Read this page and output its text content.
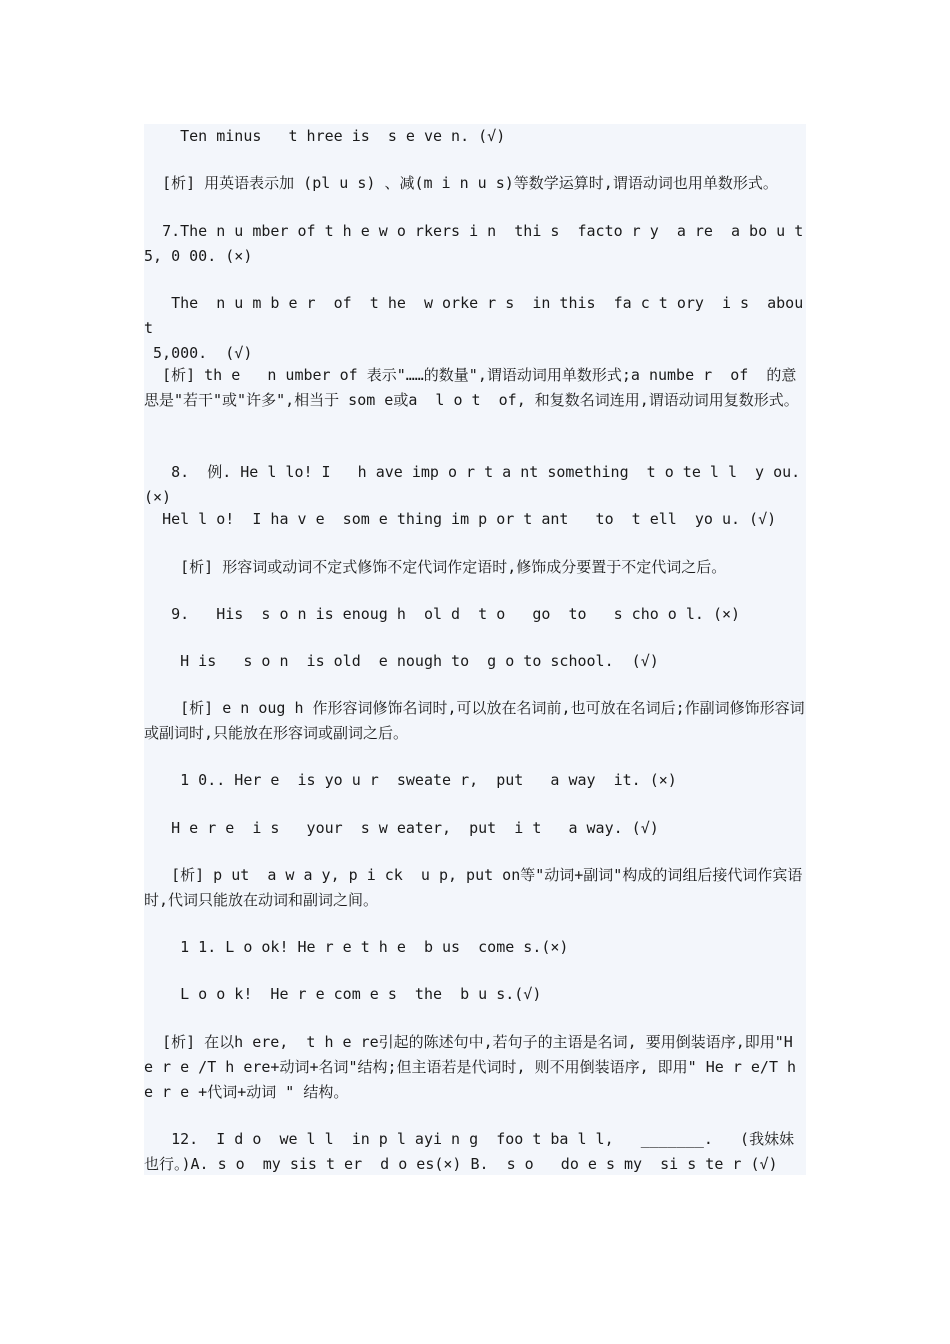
Ten minus   t hree is  s e ve n. (√)

[析] 用英语表示加 (pl u s) 、减(m i n u s)等数学运算时,谓语动词也用单数形式。

7.The n u mber of t h e w o rkers i n  thi s  facto r y  a re  a bo u t  5, 0 00. (×)

The  n u m b e r  of  t he  w orke r s  in this  fa c t ory  i s  about
5,000.  (√)

[析] th e   n umber of 表示"……的数量",谓语动词用单数形式;a numbe r  of  的意思是"若干"或"许多",相当于 som e或a  l o t  of, 和复数名词连用,谓语动词用复数形式。

8.  例. He l lo! I   h ave imp o r t a nt something  t o te l l  y ou.  (×)

Hel l o!  I ha v e  som e thing im p or t ant   to  t ell  yo u. (√)

[析] 形容词或动词不定式修饰不定代词作定语时,修饰成分要置于不定代词之后。

9.   His  s o n is enoug h  ol d  t o   go  to   s cho o l. (×)

H is   s o n  is old  e nough to  g o to school.  (√)

[析] e n oug h 作形容词修饰名词时,可以放在名词前,也可放在名词后;作副词修饰形容词或副词时,只能放在形容词或副词之后。

1 0.. Her e  is yo u r  sweate r,  put   a way  it. (×)

H e r e  i s   your  s w eater,  put  i t   a way. (√)

[析] p ut  a w a y, p i ck  u p, put on等"动词+副词"构成的词组后接代词作宾语时,代词只能放在动词和副词之间。

1 1. L o ok! He r e t h e  b us  come s.(×)

L o o k!  He r e com e s  the  b u s.(√)

[析] 在以h ere,  t h e re引起的陈述句中,若句子的主语是名词, 要用倒装语序,即用"H e r e /T h ere+动词+名词"结构;但主语若是代词时, 则不用倒装语序, 即用" He r e/T h e r e +代词+动词 " 结构。

12.  I d o  we l l  in p l ayi n g  foo t ba l l,   _______.   (我妹妹也行。)A. s o  my sis t er  d o es(×) B.  s o   do e s my  si s te r (√)
